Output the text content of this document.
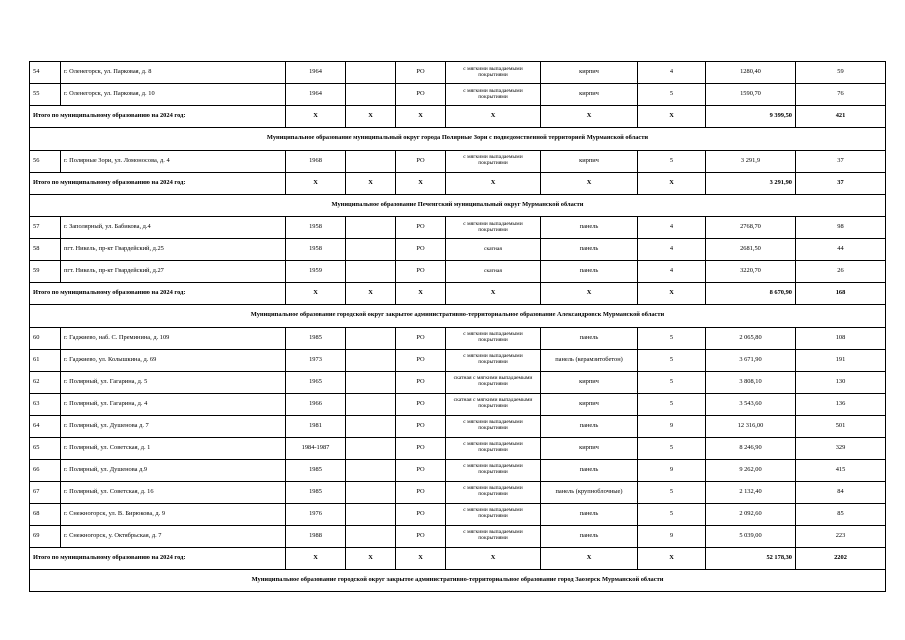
54	г. Оленегорск, ул. Парковая, д. 8	1964		РО	с мягкими выпадаемыми покрытиями	кирпич	4	1280,40	59
55	г. Оленегорск, ул. Парковая, д. 10	1964		РО	с мягкими выпадаемыми покрытиями	кирпич	5	1590,70	76
Итого по муниципальному образованию на 2024 год:		X	X	X	X	X	X	9 399,50	421
Муниципальное образование муниципальный округ города Полярные Зори с подведомственной территорией Мурманской области									
56	г. Полярные Зори, ул. Ломоносова, д. 4	1968		РО	с мягкими выпадаемыми покрытиями	кирпич	5	3 291,9	37
Итого по муниципальному образованию на 2024 год:		X	X	X	X	X	X	3 291,90	37
Муниципальное образование Печенгский муниципальный округ Мурманской области									
57	г. Заполярный, ул. Бабикова, д.4	1958		РО	с мягкими выпадаемыми покрытиями	панель	4	2768,70	98
58	пгт. Никель, пр-кт Гвардейский, д.25	1958		РО	скатная	панель	4	2681,50	44
59	пгт. Никель, пр-кт Гвардейский, д.27	1959		РО	скатная	панель	4	3220,70	26
Итого по муниципальному образованию на 2024 год:		X	X	X	X	X	X	8 670,90	168
Муниципальное образование городской округ закрытое административно-территориальное образование Александровск Мурманской области									
60	г. Гаджиево, наб. С. Преминина, д. 109	1985		РО	с мягкими выпадаемыми покрытиями	панель	5	2 065,80	108
61	г. Гаджиево, ул. Колышкина, д. 69	1973		РО	с мягкими выпадаемыми покрытиями	панель (керамзитобетон)	5	3 671,90	191
62	г. Полярный, ул. Гагарина, д. 5	1965		РО	скатная с мягкими выпадаемыми покрытиями	кирпич	5	3 808,10	130
63	г. Полярный, ул. Гагарина, д. 4	1966		РО	скатная с мягкими выпадаемыми покрытиями	кирпич	5	3 543,60	136
64	г. Полярный, ул. Душенова д. 7	1981		РО	с мягкими выпадаемыми покрытиями	панель	9	12 316,00	501
65	г. Полярный, ул. Советская, д. 1	1984-1987		РО	с мягкими выпадаемыми покрытиями	кирпич	5	8 246,90	329
66	г. Полярный, ул. Душенова д.9	1985		РО	с мягкими выпадаемыми покрытиями	панель	9	9 262,00	415
67	г. Полярный, ул. Советская, д. 16	1985		РО	с мягкими выпадаемыми покрытиями	панель (крупноблочные)	5	2 132,40	84
68	г. Снежногорск, ул. В. Бирюкова, д. 9	1976		РО	с мягкими выпадаемыми покрытиями	панель	5	2 092,60	85
69	г. Снежногорск, у. Октябрьская, д. 7	1988		РО	с мягкими выпадаемыми покрытиями	панель	9	5 039,00	223
Итого по муниципальному образованию на 2024 год:		X	X	X	X	X	X	52 178,30	2202
Муниципальное образование городской округ закрытое административно-территориальное образование город Заозерск Мурманской области									
